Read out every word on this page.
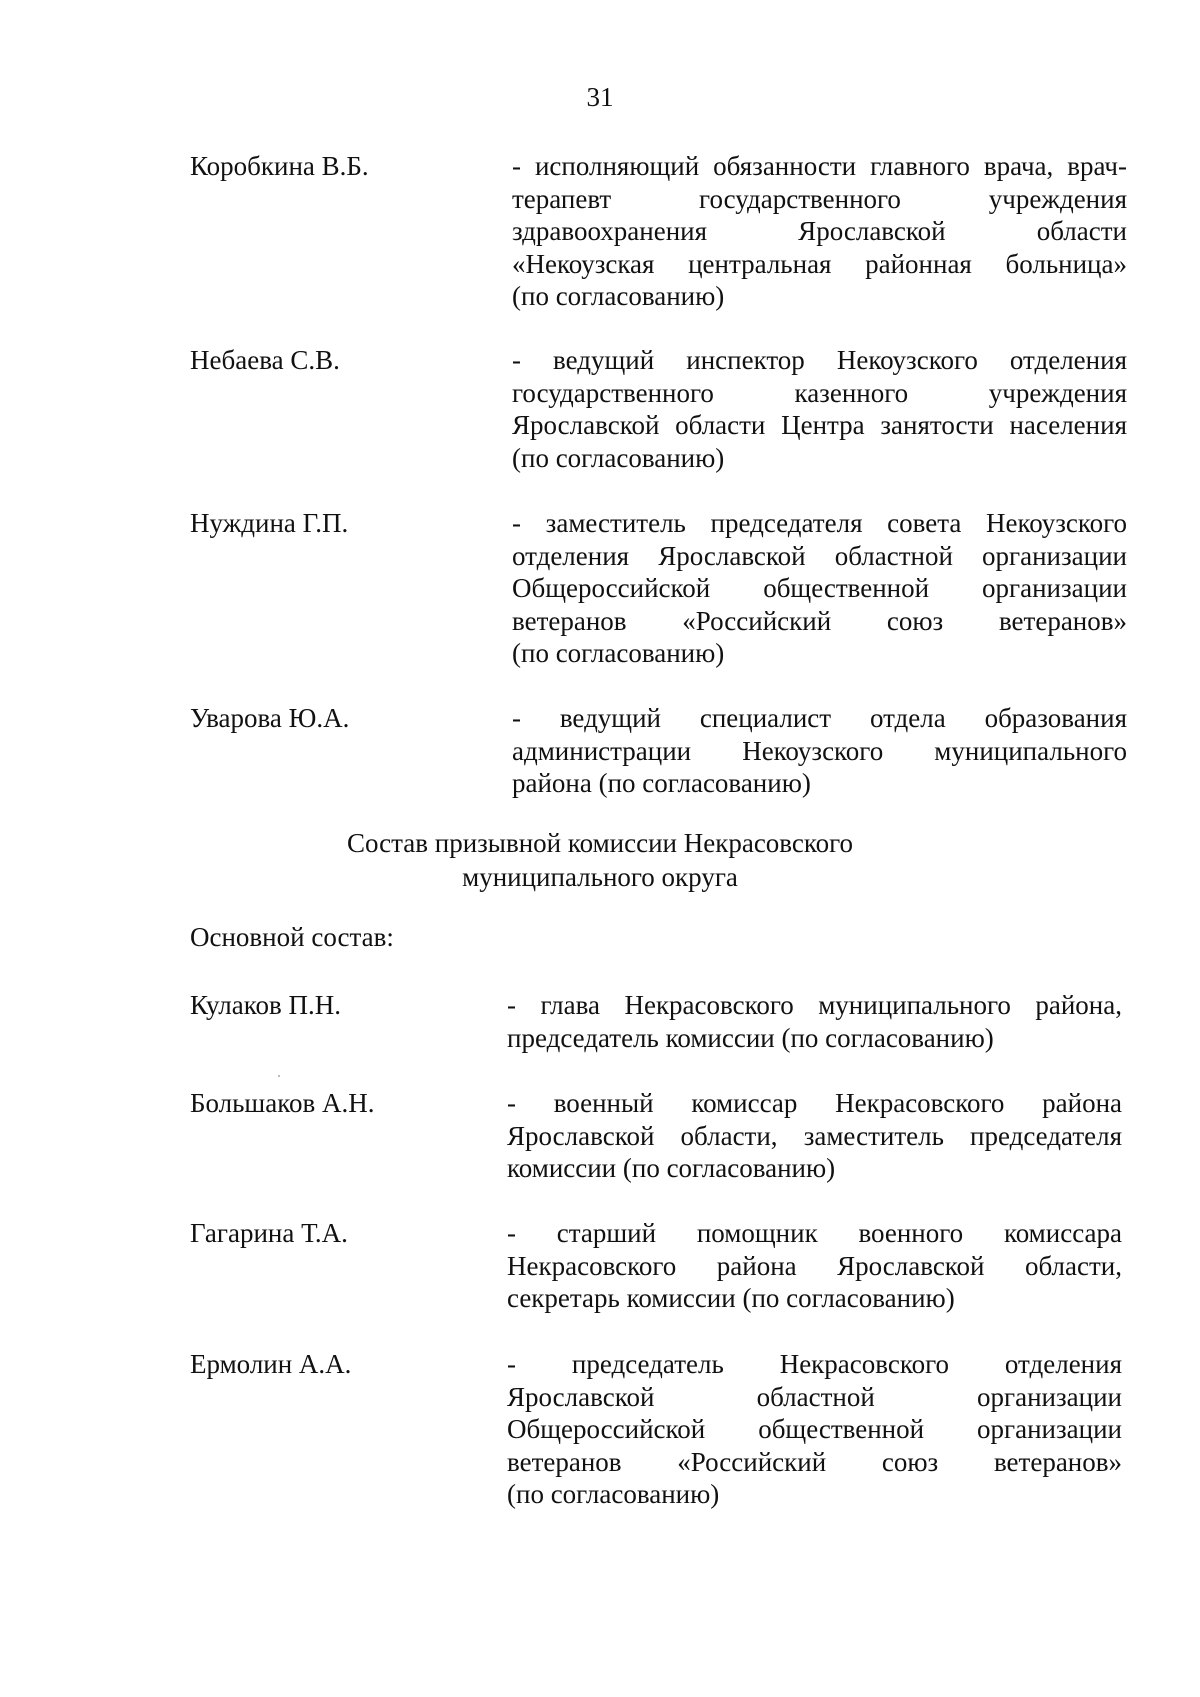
31
Коробкина В.Б.	- исполняющий обязанности главного врача, врач-
терапевт государственного учреждения
здравоохранения Ярославской области
«Некоузская центральная районная больница»
(по согласованию)
Небаева С.В.	- ведущий инспектор Некоузского отделения
государственного казенного учреждения
Ярославской области Центра занятости населения
(по согласованию)
Нуждина Г.П.	- заместитель председателя совета Некоузского
отделения Ярославской областной организации
Общероссийской общественной организации
ветеранов «Российский союз ветеранов»
(по согласованию)
Уварова Ю.А.	- ведущий специалист отдела образования
администрации Некоузского муниципального
района (по согласованию)
Состав призывной комиссии Некрасовского
муниципального округа
Основной состав:
Кулаков П.Н.	- глава Некрасовского муниципального района,
председатель комиссии (по согласованию)
Большаков А.Н.	- военный комиссар Некрасовского района
Ярославской области, заместитель председателя
комиссии (по согласованию)
Гагарина Т.А.	- старший помощник военного комиссара
Некрасовского района Ярославской области,
секретарь комиссии (по согласованию)
Ермолин А.А.	- председатель Некрасовского отделения
Ярославской областной организации
Общероссийской общественной организации
ветеранов «Российский союз ветеранов»
(по согласованию)
